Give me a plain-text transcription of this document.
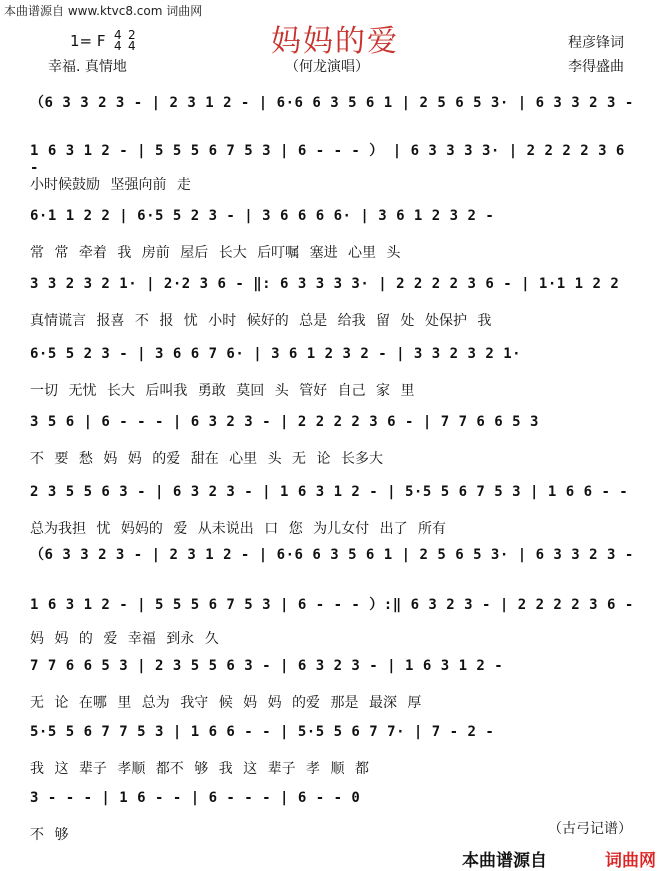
本曲谱源自 www.ktvc8.com 词曲网
妈妈的爱
1= F 4
4
2
4
幸福. 真情地	（何龙演唱）
程彦锋词
李得盛曲
（6 3 3 2 3 - | 2 3 1 2 - | 6·6 6 3 5 6 1 | 2 5 6 5 3· | 6 3 3 2 3 -
1 6 3 1 2 - | 5 5 5 6 7 5 3 | 6 - - - ） | 6 3 3 3 3· | 2 2 2 2 3 6 -
小时候鼓励 坚强向前 走
6·1 1 2 2 | 6·5 5 2 3 - | 3 6 6 6 6· | 3 6 1 2 3 2 -
常 常 牵着 我 房前 屋后 长大 后叮嘱 塞进 心里 头
3 3 2 3 2 1· | 2·2 3 6 - ‖: 6 3 3 3 3· | 2 2 2 2 3 6 - | 1·1 1 2 2
真情谎言 报喜 不 报 忧 小时 候好的 总是 给我 留 处 处保护 我
6·5 5 2 3 - | 3 6 6 7 6· | 3 6 1 2 3 2 - | 3 3 2 3 2 1·
一切 无忧 长大 后叫我 勇敢 莫回 头 管好 自己 家 里
3 5 6 | 6 - - - | 6 3 2 3 - | 2 2 2 2 3 6 - | 7 7 6 6 5 3
不 要 愁 妈 妈 的爱 甜在 心里 头 无 论 长多大
2 3 5 5 6 3 - | 6 3 2 3 - | 1 6 3 1 2 - | 5·5 5 6 7 5 3 | 1 6 6 - -
总为我担 忧 妈妈的 爱 从未说出 口 您 为儿女付 出了 所有
（6 3 3 2 3 - | 2 3 1 2 - | 6·6 6 3 5 6 1 | 2 5 6 5 3· | 6 3 3 2 3 -
1 6 3 1 2 - | 5 5 5 6 7 5 3 | 6 - - - ）:‖ 6 3 2 3 - | 2 2 2 2 3 6 -
妈 妈 的 爱 幸福 到永 久
7 7 6 6 5 3 | 2 3 5 5 6 3 - | 6 3 2 3 - | 1 6 3 1 2 -
无 论 在哪 里 总为 我守 候 妈 妈 的爱 那是 最深 厚
5·5 5 6 7 7 5 3 | 1 6 6 - - | 5·5 5 6 7 7· | 7 - 2 -
我 这 辈子 孝顺 都不 够 我 这 辈子 孝 顺 都
3 - - - | 1 6 - - | 6 - - - | 6 - - 0
不 够	（古弓记谱）
本曲谱源自	词曲网
